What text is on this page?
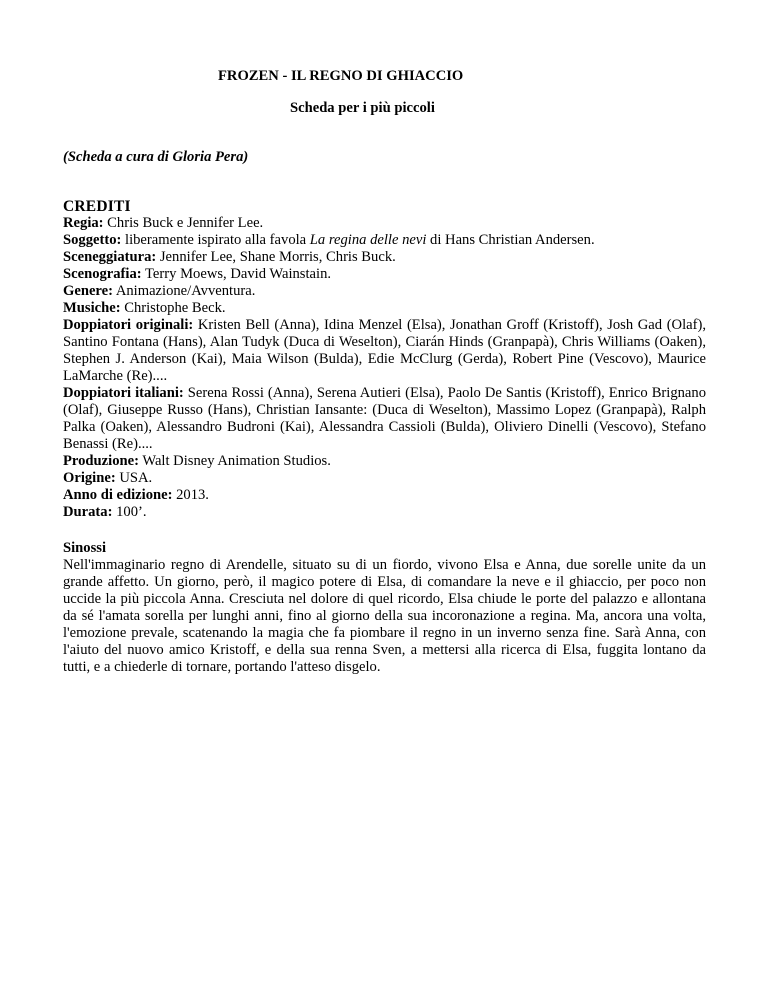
FROZEN - IL REGNO DI GHIACCIO
Scheda per i più piccoli
(Scheda a cura di Gloria Pera)
CREDITI
Regia: Chris Buck e Jennifer Lee.
Soggetto: liberamente ispirato alla favola La regina delle nevi di Hans Christian Andersen.
Sceneggiatura: Jennifer Lee, Shane Morris, Chris Buck.
Scenografia: Terry Moews, David Wainstain.
Genere: Animazione/Avventura.
Musiche: Christophe Beck.
Doppiatori originali: Kristen Bell (Anna), Idina Menzel (Elsa), Jonathan Groff (Kristoff), Josh Gad (Olaf), Santino Fontana (Hans), Alan Tudyk (Duca di Weselton), Ciarán Hinds (Granpapà), Chris Williams (Oaken), Stephen J. Anderson (Kai), Maia Wilson (Bulda), Edie McClurg (Gerda), Robert Pine (Vescovo), Maurice LaMarche (Re)....
Doppiatori italiani: Serena Rossi (Anna), Serena Autieri (Elsa), Paolo De Santis (Kristoff), Enrico Brignano (Olaf), Giuseppe Russo (Hans), Christian Iansante: (Duca di Weselton), Massimo Lopez (Granpapà), Ralph Palka (Oaken), Alessandro Budroni (Kai), Alessandra Cassioli (Bulda), Oliviero Dinelli (Vescovo), Stefano Benassi (Re)....
Produzione: Walt Disney Animation Studios.
Origine: USA.
Anno di edizione: 2013.
Durata: 100’.
Sinossi
Nell'immaginario regno di Arendelle, situato su di un fiordo, vivono Elsa e Anna, due sorelle unite da un grande affetto. Un giorno, però, il magico potere di Elsa, di comandare la neve e il ghiaccio, per poco non uccide la più piccola Anna. Cresciuta nel dolore di quel ricordo, Elsa chiude le porte del palazzo e allontana da sé l'amata sorella per lunghi anni, fino al giorno della sua incoronazione a regina. Ma, ancora una volta, l'emozione prevale, scatenando la magia che fa piombare il regno in un inverno senza fine. Sarà Anna, con l'aiuto del nuovo amico Kristoff, e della sua renna Sven, a mettersi alla ricerca di Elsa, fuggita lontano da tutti, e a chiederle di tornare, portando l'atteso disgelo.
